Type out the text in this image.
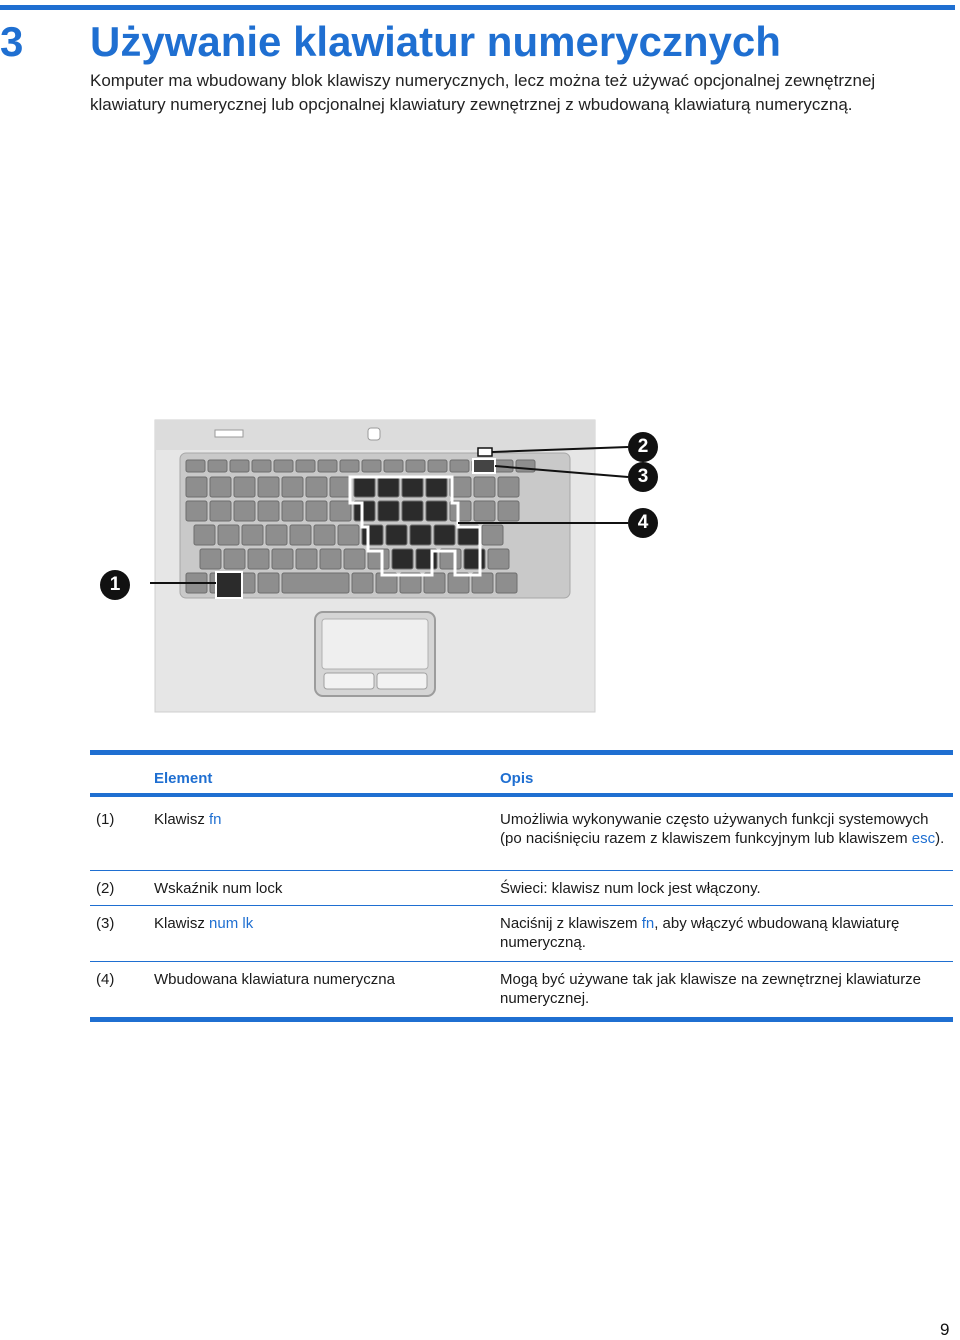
3	Używanie klawiatur numerycznych

Komputer ma wbudowany blok klawiszy numerycznych, lecz można też używać opcjonalnej zewnętrznej klawiatury numerycznej lub opcjonalnej klawiatury zewnętrznej z wbudowaną klawiaturą numeryczną.

1
2
3
4
Element	Opis
(1)	Klawisz fn	Umożliwia wykonywanie często używanych funkcji systemowych (po naciśnięciu razem z klawiszem funkcyjnym lub klawiszem esc).
(2)	Wskaźnik num lock	Świeci: klawisz num lock jest włączony.
(3)	Klawisz num lk	Naciśnij z klawiszem fn, aby włączyć wbudowaną klawiaturę numeryczną.
(4)	Wbudowana klawiatura numeryczna	Mogą być używane tak jak klawisze na zewnętrznej klawiaturze numerycznej.
9
